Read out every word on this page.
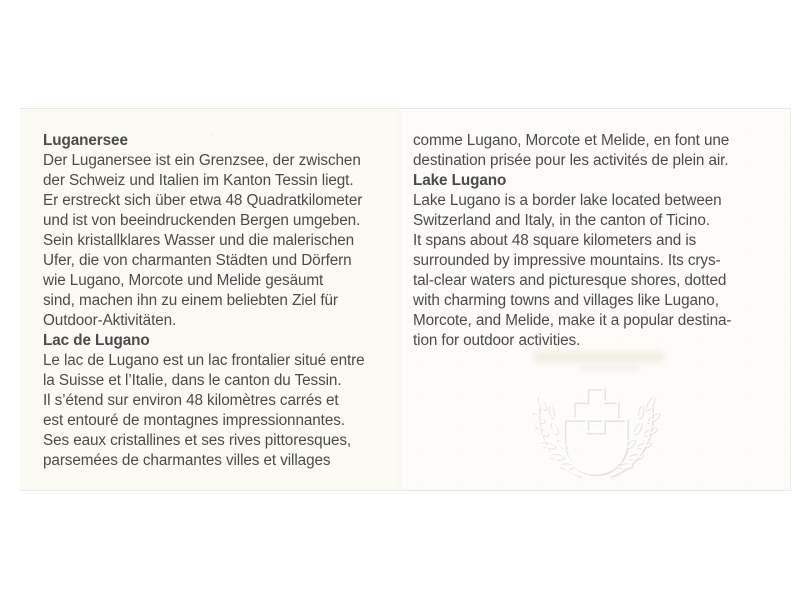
Luganersee
Der Luganersee ist ein Grenzsee, der zwischen
der Schweiz und Italien im Kanton Tessin liegt.
Er erstreckt sich über etwa 48 Quadratkilometer
und ist von beeindruckenden Bergen umgeben.
Sein kristallklares Wasser und die malerischen
Ufer, die von charmanten Städten und Dörfern
wie Lugano, Morcote und Melide gesäumt
sind, machen ihn zu einem beliebten Ziel für
Outdoor-Aktivitäten.
Lac de Lugano
Le lac de Lugano est un lac frontalier situé entre
la Suisse et l’Italie, dans le canton du Tessin.
Il s’étend sur environ 48 kilomètres carrés et
est entouré de montagnes impressionnantes.
Ses eaux cristallines et ses rives pittoresques,
parsemées de charmantes villes et villages
comme Lugano, Morcote et Melide, en font une
destination prisée pour les activités de plein air.
Lake Lugano
Lake Lugano is a border lake located between
Switzerland and Italy, in the canton of Ticino.
It spans about 48 square kilometers and is
surrounded by impressive mountains. Its crys-
tal-clear waters and picturesque shores, dotted
with charming towns and villages like Lugano,
Morcote, and Melide, make it a popular destina-
tion for outdoor activities.
